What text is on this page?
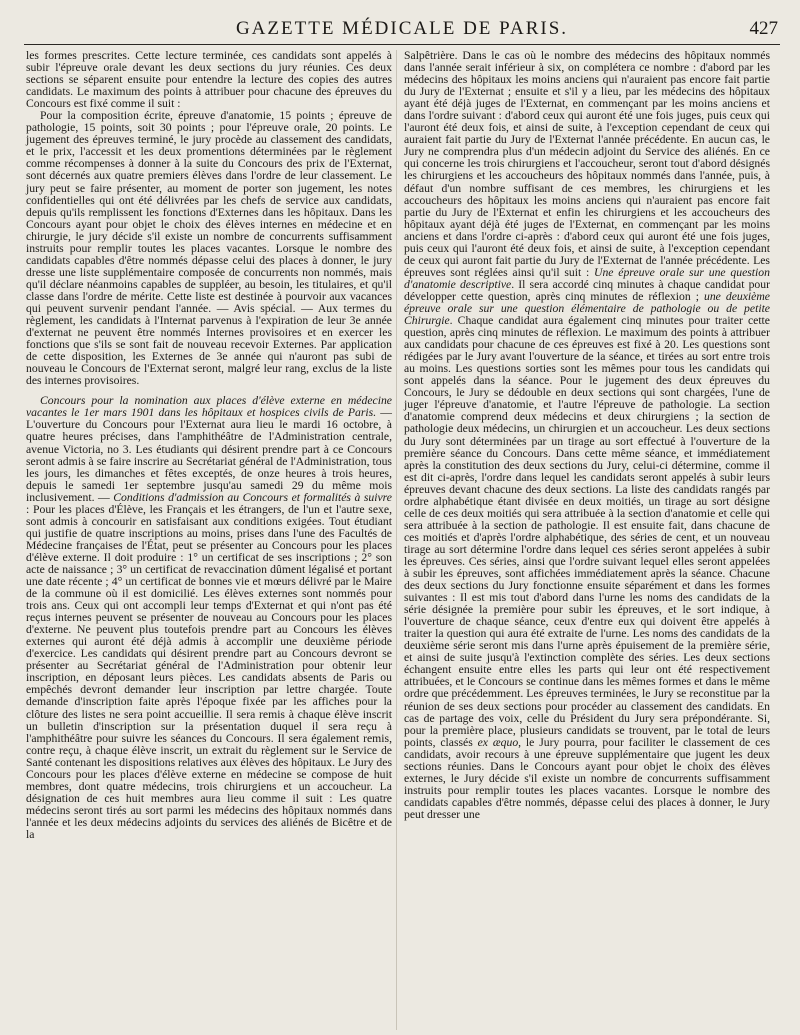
GAZETTE MÉDICALE DE PARIS.	427

les formes prescrites. Cette lecture terminée, ces candidats sont appelés à subir l'épreuve orale devant les deux sections du jury réunies. Ces deux sections se séparent ensuite pour entendre la lecture des copies des autres candidats. Le maximum des points à attribuer pour chacune des épreuves du Concours est fixé comme il suit :

Pour la composition écrite, épreuve d'anatomie, 15 points ; épreuve de pathologie, 15 points, soit 30 points ; pour l'épreuve orale, 20 points. Le jugement des épreuves terminé, le jury procède au classement des candidats, et le prix, l'accessit et les deux promentions déterminées par le règlement comme récompenses à donner à la suite du Concours des prix de l'Externat, sont décernés aux quatre premiers élèves dans l'ordre de leur classement. Le jury peut se faire présenter, au moment de porter son jugement, les notes confidentielles qui ont été délivrées par les chefs de service aux candidats, depuis qu'ils remplissent les fonctions d'Externes dans les hôpitaux. Dans les Concours ayant pour objet le choix des élèves internes en médecine et en chirurgie, le jury décide s'il existe un nombre de concurrents suffisamment instruits pour remplir toutes les places vacantes. Lorsque le nombre des candidats capables d'être nommés dépasse celui des places à donner, le jury dresse une liste supplémentaire composée de concurrents non nommés, mais qu'il déclare néanmoins capables de suppléer, au besoin, les titulaires, et qu'il classe dans l'ordre de mérite. Cette liste est destinée à pourvoir aux vacances qui peuvent survenir pendant l'année. — Avis spécial. — Aux termes du règlement, les candidats à l'Internat parvenus à l'expiration de leur 3e année d'externat ne peuvent être nommés Internes provisoires et en exercer les fonctions que s'ils se sont fait de nouveau recevoir Externes. Par application de cette disposition, les Externes de 3e année qui n'auront pas subi de nouveau le Concours de l'Externat seront, malgré leur rang, exclus de la liste des internes provisoires.

Concours pour la nomination aux places d'élève externe en médecine vacantes le 1er mars 1901 dans les hôpitaux et hospices civils de Paris. — L'ouverture du Concours pour l'Externat aura lieu le mardi 16 octobre, à quatre heures précises, dans l'amphithéâtre de l'Administration centrale, avenue Victoria, no 3. Les étudiants qui désirent prendre part à ce Concours seront admis à se faire inscrire au Secrétariat général de l'Administration, tous les jours, les dimanches et fêtes exceptés, de onze heures à trois heures, depuis le samedi 1er septembre jusqu'au samedi 29 du même mois inclusivement. — Conditions d'admission au Concours et formalités à suivre : Pour les places d'Élève, les Français et les étrangers, de l'un et l'autre sexe, sont admis à concourir en satisfaisant aux conditions exigées. Tout étudiant qui justifie de quatre inscriptions au moins, prises dans l'une des Facultés de Médecine françaises de l'État, peut se présenter au Concours pour les places d'élève externe. Il doit produire : 1° un certificat de ses inscriptions ; 2° son acte de naissance ; 3° un certificat de revaccination dûment légalisé et portant une date récente ; 4° un certificat de bonnes vie et mœurs délivré par le Maire de la commune où il est domicilié. Les élèves externes sont nommés pour trois ans. Ceux qui ont accompli leur temps d'Externat et qui n'ont pas été reçus internes peuvent se présenter de nouveau au Concours pour les places d'externe. Ne peuvent plus toutefois prendre part au Concours les élèves externes qui auront été déjà admis à accomplir une deuxième période d'exercice. Les candidats qui désirent prendre part au Concours devront se présenter au Secrétariat général de l'Administration pour obtenir leur inscription, en déposant leurs pièces. Les candidats absents de Paris ou empêchés devront demander leur inscription par lettre chargée. Toute demande d'inscription faite après l'époque fixée par les affiches pour la clôture des listes ne sera point accueillie. Il sera remis à chaque élève inscrit un bulletin d'inscription sur la présentation duquel il sera reçu à l'amphithéâtre pour suivre les séances du Concours. Il sera également remis, contre reçu, à chaque élève inscrit, un extrait du règlement sur le Service de Santé contenant les dispositions relatives aux élèves des hôpitaux. Le Jury des Concours pour les places d'élève externe en médecine se compose de huit membres, dont quatre médecins, trois chirurgiens et un accoucheur. La désignation de ces huit membres aura lieu comme il suit : Les quatre médecins seront tirés au sort parmi les médecins des hôpitaux nommés dans l'année et les deux médecins adjoints du services des aliénés de Bicêtre et de la

Salpêtrière. Dans le cas où le nombre des médecins des hôpitaux nommés dans l'année serait inférieur à six, on complétera ce nombre : d'abord par les médecins des hôpitaux les moins anciens qui n'auraient pas encore fait partie du Jury de l'Externat ; ensuite et s'il y a lieu, par les médecins des hôpitaux ayant été déjà juges de l'Externat, en commençant par les moins anciens et dans l'ordre suivant : d'abord ceux qui auront été une fois juges, puis ceux qui l'auront été deux fois, et ainsi de suite, à l'exception cependant de ceux qui auraient fait partie du Jury de l'Externat l'année précédente. En aucun cas, le Jury ne comprendra plus d'un médecin adjoint du Service des aliénés. En ce qui concerne les trois chirurgiens et l'accoucheur, seront tout d'abord désignés les chirurgiens et les accoucheurs des hôpitaux nommés dans l'année, puis, à défaut d'un nombre suffisant de ces membres, les chirurgiens et les accoucheurs des hôpitaux les moins anciens qui n'auraient pas encore fait partie du Jury de l'Externat et enfin les chirurgiens et les accoucheurs des hôpitaux ayant déjà été juges de l'Externat, en commençant par les moins anciens et dans l'ordre ci-après : d'abord ceux qui auront été une fois juges, puis ceux qui l'auront été deux fois, et ainsi de suite, à l'exception cependant de ceux qui auront fait partie du Jury de l'Externat de l'année précédente. Les épreuves sont réglées ainsi qu'il suit : Une épreuve orale sur une question d'anatomie descriptive. Il sera accordé cinq minutes à chaque candidat pour développer cette question, après cinq minutes de réflexion ; une deuxième épreuve orale sur une question élémentaire de pathologie ou de petite Chirurgie. Chaque candidat aura également cinq minutes pour traiter cette question, après cinq minutes de réflexion. Le maximum des points à attribuer aux candidats pour chacune de ces épreuves est fixé à 20. Les questions sont rédigées par le Jury avant l'ouverture de la séance, et tirées au sort entre trois au moins. Les questions sorties sont les mêmes pour tous les candidats qui sont appelés dans la séance. Pour le jugement des deux épreuves du Concours, le Jury se dédouble en deux sections qui sont chargées, l'une de juger l'épreuve d'anatomie, et l'autre l'épreuve de pathologie. La section d'anatomie comprend deux médecins et deux chirurgiens ; la section de pathologie deux médecins, un chirurgien et un accoucheur. Les deux sections du Jury sont déterminées par un tirage au sort effectué à l'ouverture de la première séance du Concours. Dans cette même séance, et immédiatement après la constitution des deux sections du Jury, celui-ci détermine, comme il est dit ci-après, l'ordre dans lequel les candidats seront appelés à subir leurs épreuves devant chacune des deux sections. La liste des candidats rangés par ordre alphabétique étant divisée en deux moitiés, un tirage au sort désigne celle de ces deux moitiés qui sera attribuée à la section d'anatomie et celle qui sera attribuée à la section de pathologie. Il est ensuite fait, dans chacune de ces moitiés et d'après l'ordre alphabétique, des séries de cent, et un nouveau tirage au sort détermine l'ordre dans lequel ces séries seront appelées à subir les épreuves. Ces séries, ainsi que l'ordre suivant lequel elles seront appelées à subir les épreuves, sont affichées immédiatement après la séance. Chacune des deux sections du Jury fonctionne ensuite séparément et dans les formes suivantes : Il est mis tout d'abord dans l'urne les noms des candidats de la série désignée la première pour subir les épreuves, et le sort indique, à l'ouverture de chaque séance, ceux d'entre eux qui doivent être appelés à traiter la question qui aura été extraite de l'urne. Les noms des candidats de la deuxième série seront mis dans l'urne après épuisement de la première série, et ainsi de suite jusqu'à l'extinction complète des séries. Les deux sections échangent ensuite entre elles les parts qui leur ont été respectivement attribuées, et le Concours se continue dans les mêmes formes et dans le même ordre que précédemment. Les épreuves terminées, le Jury se reconstitue par la réunion de ses deux sections pour procéder au classement des candidats. En cas de partage des voix, celle du Président du Jury sera prépondérante. Si, pour la première place, plusieurs candidats se trouvent, par le total de leurs points, classés ex æquo, le Jury pourra, pour faciliter le classement de ces candidats, avoir recours à une épreuve supplémentaire que jugent les deux sections réunies. Dans le Concours ayant pour objet le choix des élèves externes, le Jury décide s'il existe un nombre de concurrents suffisamment instruits pour remplir toutes les places vacantes. Lorsque le nombre des candidats capables d'être nommés, dépasse celui des places à donner, le Jury peut dresser une
